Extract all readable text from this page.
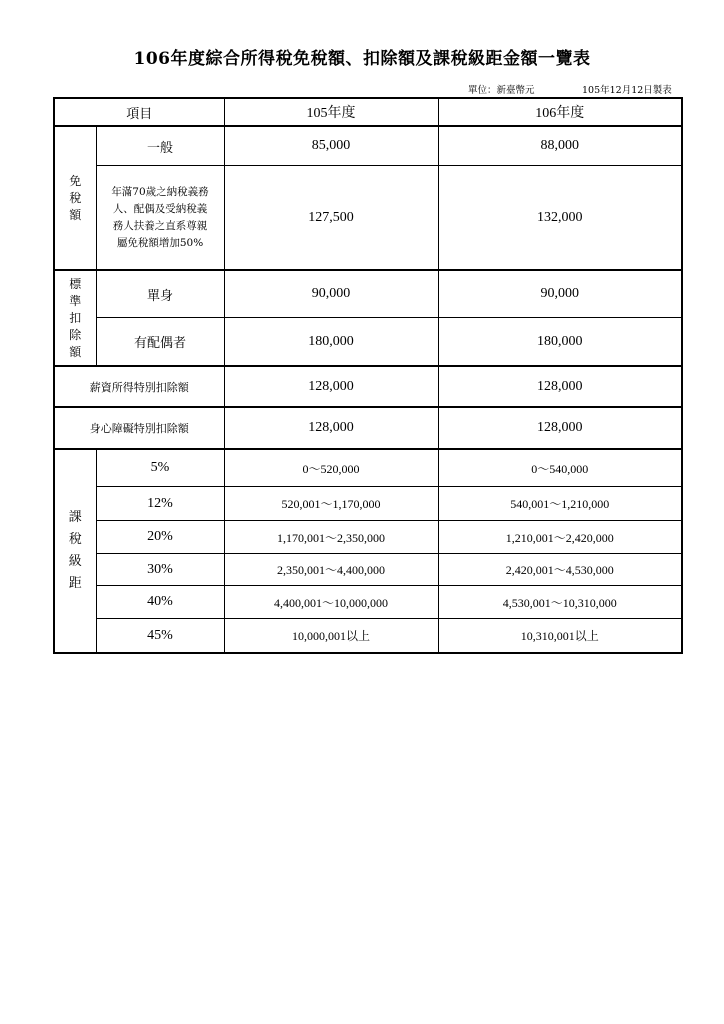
106年度綜合所得稅免稅額、扣除額及課稅級距金額一覽表
單位：新臺幣元	105年12月12日製表
項目		105年度	106年度

免
稅
額	一般	85,000	88,000

	年滿70歲之納稅義務
人、配偶及受納稅義
務人扶養之直系尊親
屬免稅額增加50%	127,500	132,000

標
準
扣
除
額	單身	90,000	90,000
	有配偶者	180,000	180,000
薪資所得特別扣除額		128,000	128,000
身心障礙特別扣除額		128,000	128,000

課
稅
級
距	5%	0～520,000	0～540,000
	12%	520,001～1,170,000	540,001～1,210,000
	20%	1,170,001～2,350,000	1,210,001～2,420,000
	30%	2,350,001～4,400,000	2,420,001～4,530,000
	40%	4,400,001～10,000,000	4,530,001～10,310,000
	45%	10,000,001以上	10,310,001以上
